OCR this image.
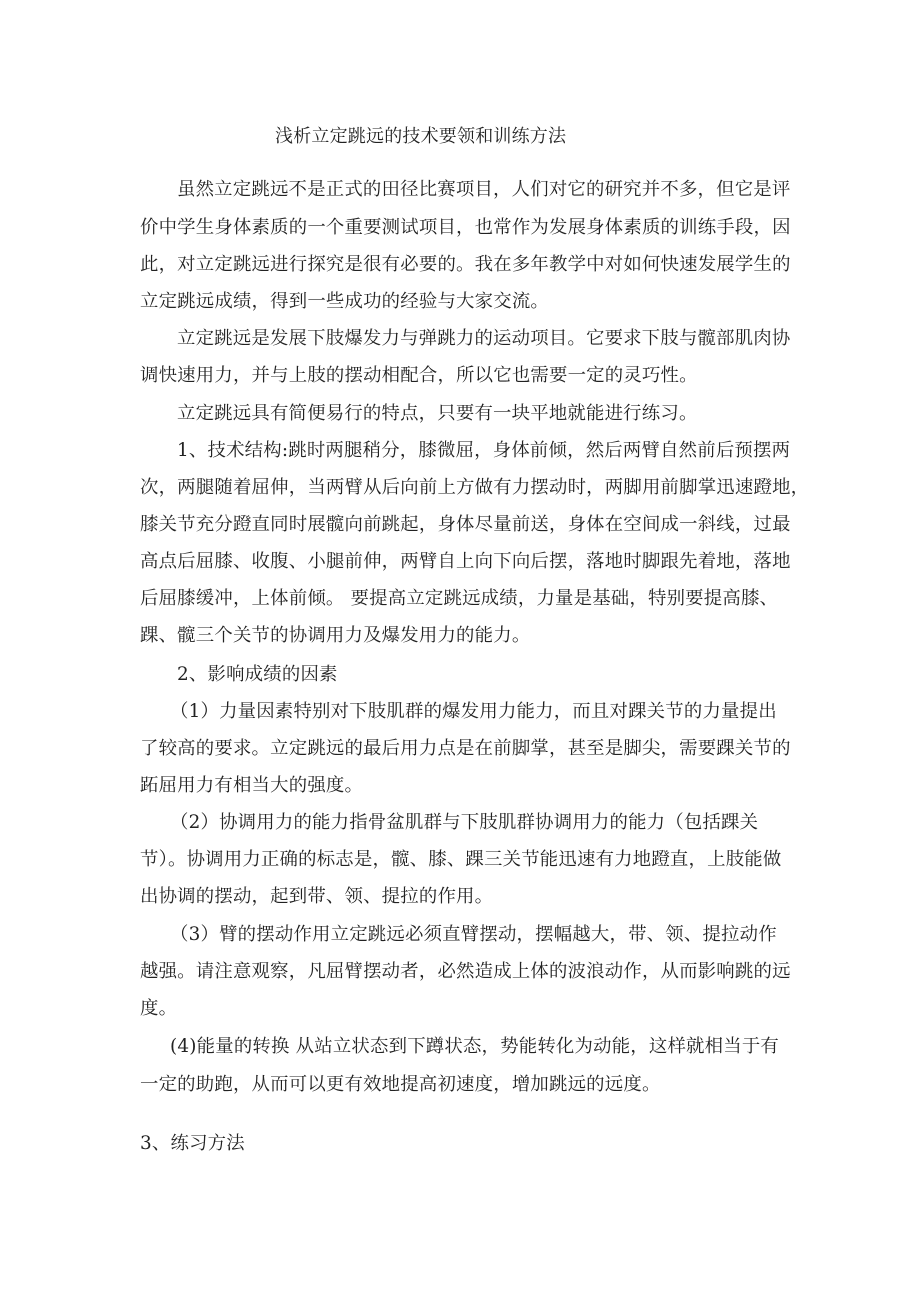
浅析立定跳远的技术要领和训练方法
虽然立定跳远不是正式的田径比赛项目，人们对它的研究并不多，但它是评
价中学生身体素质的一个重要测试项目，也常作为发展身体素质的训练手段，因
此，对立定跳远进行探究是很有必要的。我在多年教学中对如何快速发展学生的
立定跳远成绩，得到一些成功的经验与大家交流。
立定跳远是发展下肢爆发力与弹跳力的运动项目。它要求下肢与髋部肌肉协
调快速用力，并与上肢的摆动相配合，所以它也需要一定的灵巧性。
立定跳远具有简便易行的特点，只要有一块平地就能进行练习。
1、技术结构:跳时两腿稍分，膝微屈，身体前倾，然后两臂自然前后预摆两
次，两腿随着屈伸，当两臂从后向前上方做有力摆动时，两脚用前脚掌迅速蹬地，
膝关节充分蹬直同时展髋向前跳起，身体尽量前送，身体在空间成一斜线，过最
高点后屈膝、收腹、小腿前伸，两臂自上向下向后摆，落地时脚跟先着地，落地
后屈膝缓冲，上体前倾。 要提高立定跳远成绩，力量是基础，特别要提高膝、
踝、髋三个关节的协调用力及爆发用力的能力。
2、影响成绩的因素
（1）力量因素特别对下肢肌群的爆发用力能力，而且对踝关节的力量提出
了较高的要求。立定跳远的最后用力点是在前脚掌，甚至是脚尖，需要踝关节的
跖屈用力有相当大的强度。
（2）协调用力的能力指骨盆肌群与下肢肌群协调用力的能力（包括踝关
节）。协调用力正确的标志是，髋、膝、踝三关节能迅速有力地蹬直，上肢能做
出协调的摆动，起到带、领、提拉的作用。
（3）臂的摆动作用立定跳远必须直臂摆动，摆幅越大，带、领、提拉动作
越强。请注意观察，凡屈臂摆动者，必然造成上体的波浪动作，从而影响跳的远
度。
(4)能量的转换 从站立状态到下蹲状态，势能转化为动能，这样就相当于有
一定的助跑，从而可以更有效地提高初速度，增加跳远的远度。
3、练习方法
